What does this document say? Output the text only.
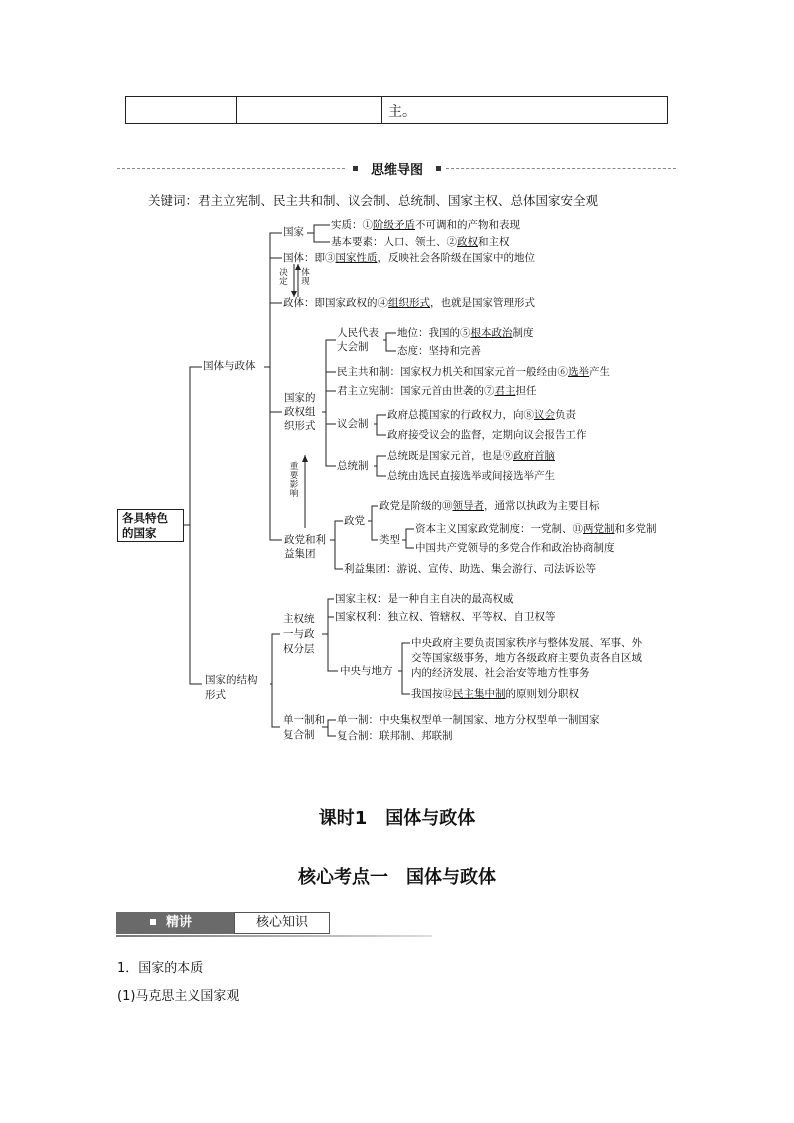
主。
思维导图
关键词：君主立宪制、民主共和制、议会制、总统制、国家主权、总体国家安全观
各具特色
的国家
国体与政体
国家
实质：①阶级矛盾不可调和的产物和表现
基本要素：人口、领土、②政权和主权
国体：即③国家性质，反映社会各阶级在国家中的地位
决定
体现
政体：即国家政权的④组织形式，也就是国家管理形式
国家的
政权组
织形式
人民代表
大会制
地位：我国的⑤根本政治制度
态度：坚持和完善
民主共和制：国家权力机关和国家元首一般经由⑥选举产生
君主立宪制：国家元首由世袭的⑦君主担任
议会制
政府总揽国家的行政权力，向⑧议会负责
政府接受议会的监督，定期向议会报告工作
总统制
总统既是国家元首，也是⑨政府首脑
总统由选民直接选举或间接选举产生
重要影响
政党和利
益集团
政党
政党是阶级的⑩领导者，通常以执政为主要目标
类型
资本主义国家政党制度：一党制、⑪两党制和多党制
中国共产党领导的多党合作和政治协商制度
利益集团：游说、宣传、助选、集会游行、司法诉讼等
国家的结构
形式
主权统
一与政
权分层
国家主权：是一种自主自决的最高权威
国家权利：独立权、管辖权、平等权、自卫权等
中央与地方
中央政府主要负责国家秩序与整体发展、军事、外
交等国家级事务，地方各级政府主要负责各自区域
内的经济发展、社会治安等地方性事务
我国按⑫民主集中制的原则划分职权
单一制和
复合制
单一制：中央集权型单一制国家、地方分权型单一制国家
复合制：联邦制、邦联制
课时1　国体与政体
核心考点一　国体与政体
精讲	核心知识
1．国家的本质
(1)马克思主义国家观
